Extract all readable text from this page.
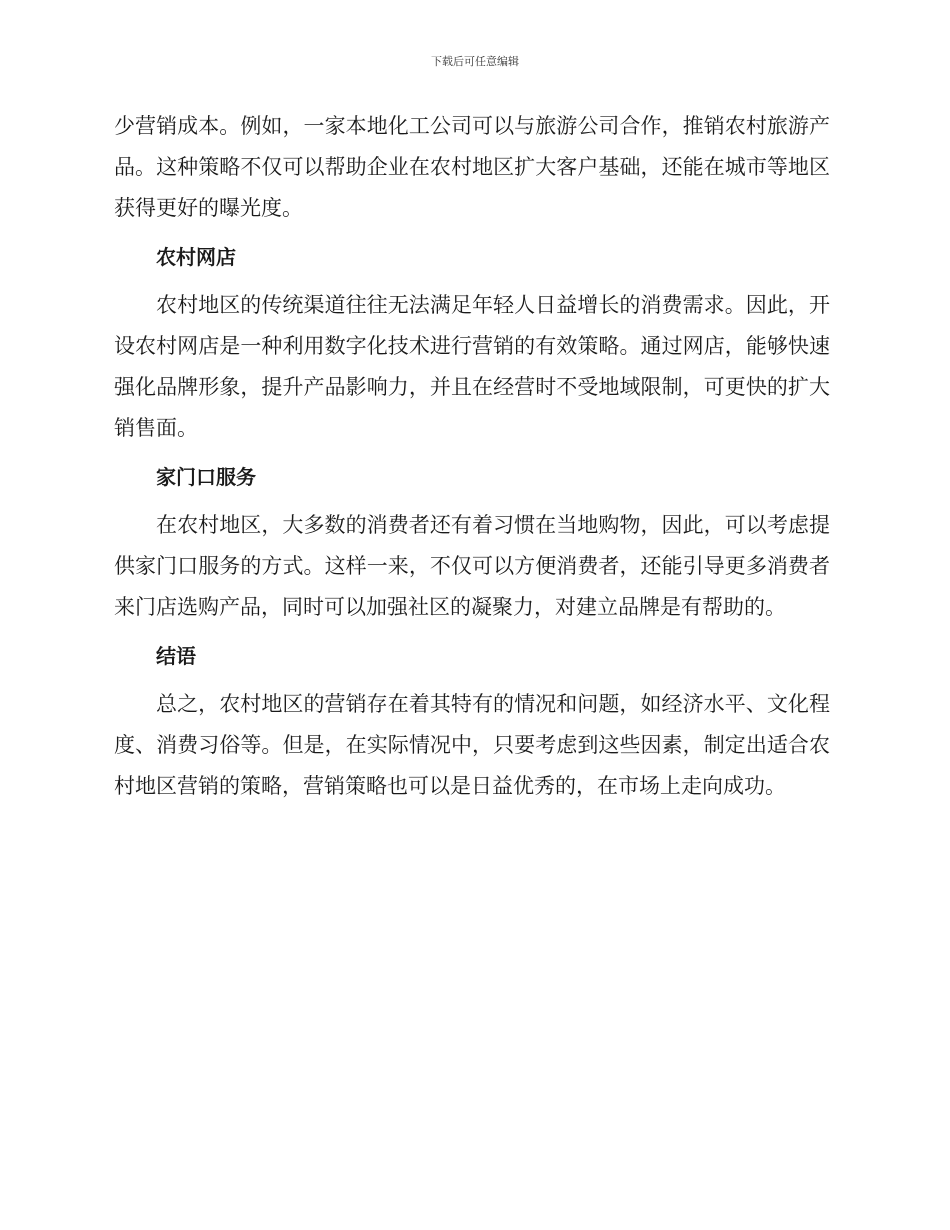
下载后可任意编辑

少营销成本。例如，一家本地化工公司可以与旅游公司合作，推销农村旅游产品。这种策略不仅可以帮助企业在农村地区扩大客户基础，还能在城市等地区获得更好的曝光度。

农村网店

农村地区的传统渠道往往无法满足年轻人日益增长的消费需求。因此，开设农村网店是一种利用数字化技术进行营销的有效策略。通过网店，能够快速强化品牌形象，提升产品影响力，并且在经营时不受地域限制，可更快的扩大销售面。

家门口服务

在农村地区，大多数的消费者还有着习惯在当地购物，因此，可以考虑提供家门口服务的方式。这样一来，不仅可以方便消费者，还能引导更多消费者来门店选购产品，同时可以加强社区的凝聚力，对建立品牌是有帮助的。

结语

总之，农村地区的营销存在着其特有的情况和问题，如经济水平、文化程度、消费习俗等。但是，在实际情况中，只要考虑到这些因素，制定出适合农村地区营销的策略，营销策略也可以是日益优秀的，在市场上走向成功。
